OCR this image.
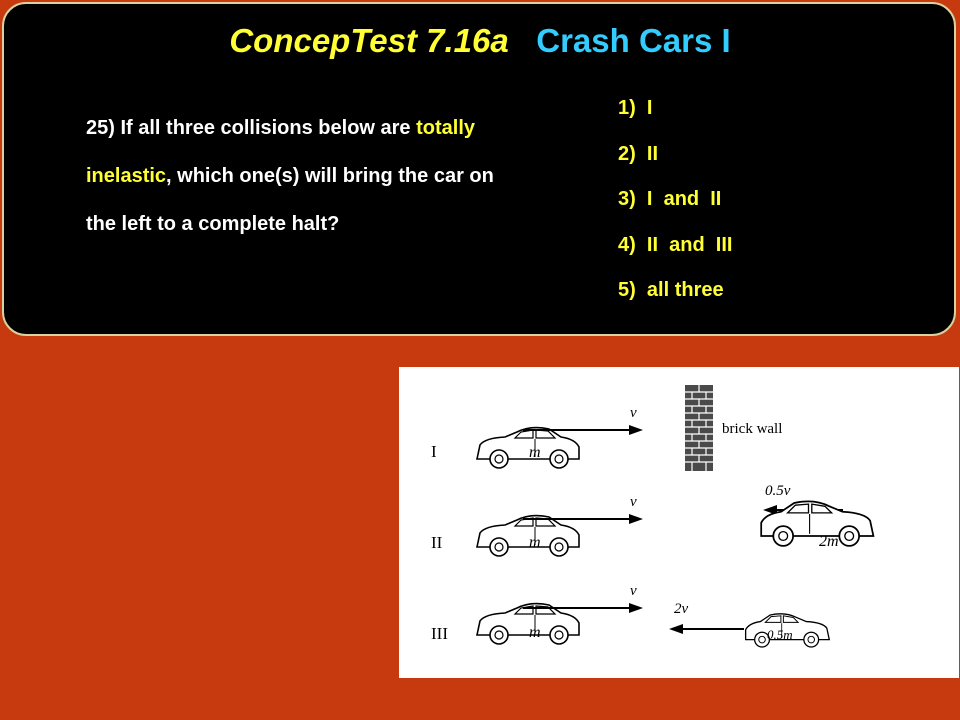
ConcepTest 7.16a Crash Cars I
25) If all three collisions below are totally inelastic, which one(s) will bring the car on the left to a complete halt?
1)  I
2)  II
3)  I  and  II
4)  II  and  III
5)  all three
I	m
v
brick wall
II	m
v
0.5v
2m
III	m
v
2v
0.5m
